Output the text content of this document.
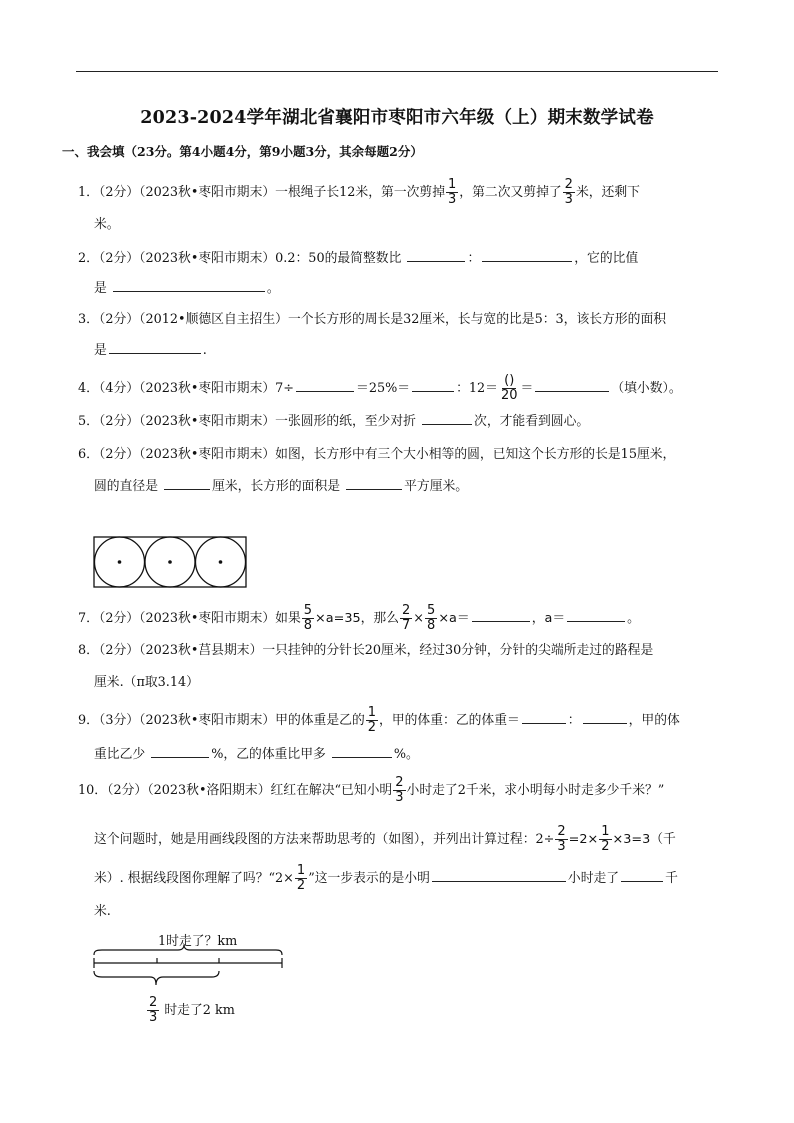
2023-2024学年湖北省襄阳市枣阳市六年级（上）期末数学试卷
一、我会填（23分。第4小题4分，第9小题3分，其余每题2分）
1．（2分）（2023秋•枣阳市期末）一根绳子长12米，第一次剪掉 $\frac{1}{3}$ ，第二次又剪掉了 $\frac{2}{3}$ 米，还剩下
米。
2．（2分）（2023秋•枣阳市期末）0.2：50的最简整数比	：	，它的比值
是	。
3．（2分）（2012•顺德区自主招生）一个长方形的周长是32厘米，长与宽的比是5：3，该长方形的面积
是	.
4．（4分）（2023秋•枣阳市期末）7÷	＝25%＝	：$12= \frac{()}{20}$ ＝	（填小数）。
5．（2分）（2023秋•枣阳市期末）一张圆形的纸，至少对折	次，才能看到圆心。
6．（2分）（2023秋•枣阳市期末）如图，长方形中有三个大小相等的圆，已知这个长方形的长是15厘米，
圆的直径是	厘米，长方形的面积是	平方厘米。
7．（2分）（2023秋•枣阳市期末）如果 $\frac{5}{8} \times a=35$，那么 $\frac{2}{7} \times \frac{5}{8} \times a=$	，a＝	。
8．（2分）（2023秋•莒县期末）一只挂钟的分针长20厘米，经过30分钟，分针的尖端所走过的路程是
厘米.（π取3.14）
9．（3分）（2023秋•枣阳市期末）甲的体重是乙的 $\frac{1}{2}$ ，甲的体重：乙的体重＝	：	，甲的体
重比乙少	%，乙的体重比甲多	%。
10．（2分）（2023秋•洛阳期末）红红在解决“已知小明 $\frac{2}{3}$ 小时走了2千米，求小明每小时走多少千米？”
这个问题时，她是用画线段图的方法来帮助思考的（如图），并列出计算过程：$2\div \frac{2}{3} =2\times \frac{1}{2} \times 3=3$（千
米）. 根据线段图你理解了吗？“$2\times \frac{1}{2}$ ”这一步表示的是小明	小时走了	千
米.
1时走了？km
$\frac{2}{3}$ 时走了2 km
